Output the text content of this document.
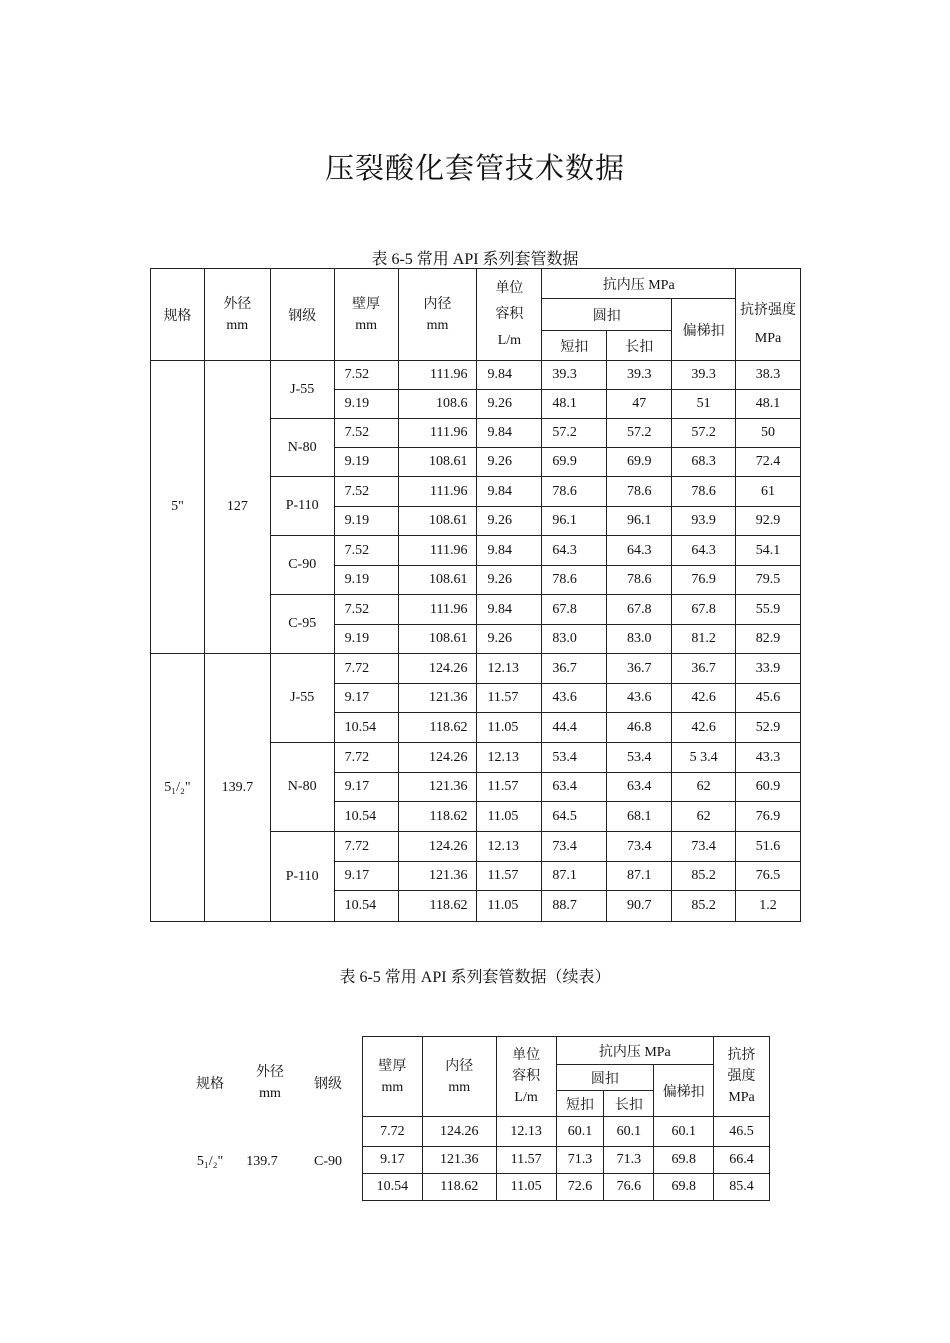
压裂酸化套管技术数据
表 6-5 常用 API 系列套管数据
规格	外径
mm	钢级	壁厚
mm	内径
mm	单位
容积
L/m	抗内压 MPa			抗挤强度
MPa
						圆扣		偏梯扣	
						短扣	长扣		
5"	127	J-55	7.52	111.96	9.84	39.3	39.3	39.3	38.3
			9.19	108.6	9.26	48.1	47	51	48.1
		N-80	7.52	111.96	9.84	57.2	57.2	57.2	50
			9.19	108.61	9.26	69.9	69.9	68.3	72.4
		P-110	7.52	111.96	9.84	78.6	78.6	78.6	61
			9.19	108.61	9.26	96.1	96.1	93.9	92.9
		C-90	7.52	111.96	9.84	64.3	64.3	64.3	54.1
			9.19	108.61	9.26	78.6	78.6	76.9	79.5
		C-95	7.52	111.96	9.84	67.8	67.8	67.8	55.9
			9.19	108.61	9.26	83.0	83.0	81.2	82.9
5₁/₂"	139.7	J-55	7.72	124.26	12.13	36.7	36.7	36.7	33.9
			9.17	121.36	11.57	43.6	43.6	42.6	45.6
			10.54	118.62	11.05	44.4	46.8	42.6	52.9
		N-80	7.72	124.26	12.13	53.4	53.4	5 3.4	43.3
			9.17	121.36	11.57	63.4	63.4	62	60.9
			10.54	118.62	11.05	64.5	68.1	62	76.9
		P-110	7.72	124.26	12.13	73.4	73.4	73.4	51.6
			9.17	121.36	11.57	87.1	87.1	85.2	76.5
			10.54	118.62	11.05	88.7	90.7	85.2	1.2
表 6-5 常用 API 系列套管数据（续表）
规格
外径
mm
钢级
5₁/₂"	139.7	C-90
壁厚
mm	内径
mm	单位
容积
L/m	抗内压 MPa			抗挤
强度
MPa
			圆扣		偏梯扣	
			短扣	长扣		
7.72	124.26	12.13	60.1	60.1	60.1	46.5
9.17	121.36	11.57	71.3	71.3	69.8	66.4
10.54	118.62	11.05	72.6	76.6	69.8	85.4
